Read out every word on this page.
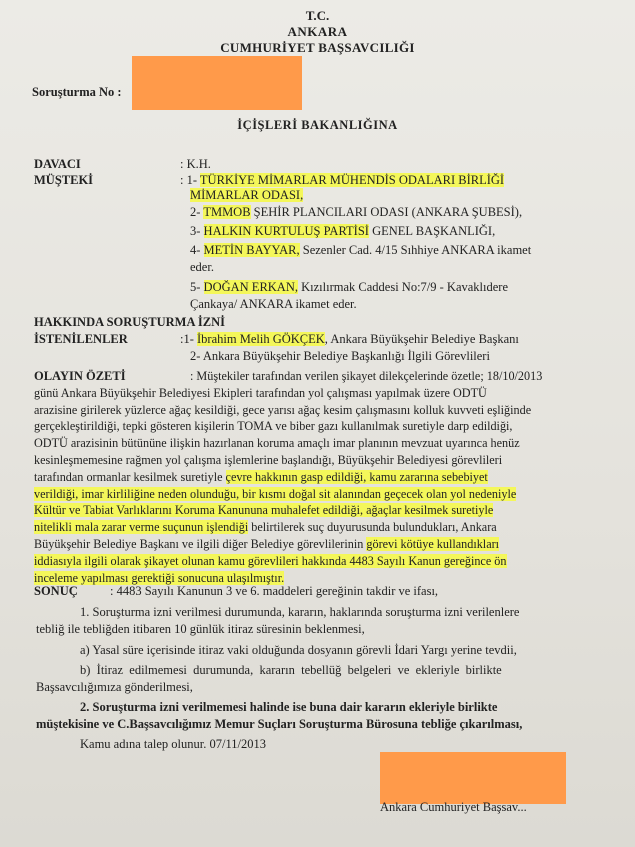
T.C.
ANKARA
CUMHURİYET BAŞSAVCILIĞI
Soruşturma No :
İÇİŞLERİ BAKANLIĞINA
DAVACI	: K.H.
MÜŞTEKİ	: 1- TÜRKİYE MİMARLAR MÜHENDİS ODALARI BİRLİĞİ
MİMARLAR ODASI,
2- TMMOB ŞEHİR PLANCILARI ODASI (ANKARA ŞUBESİ),
3- HALKIN KURTULUŞ PARTİSİ GENEL BAŞKANLIĞI,
4- METİN BAYYAR, Sezenler Cad. 4/15 Sıhhiye ANKARA ikamet
eder.
5- DOĞAN ERKAN, Kızılırmak Caddesi No:7/9 - Kavaklıdere
Çankaya/ ANKARA ikamet eder.
HAKKINDA SORUŞTURMA İZNİ
İSTENİLENLER	:1- İbrahim Melih GÖKÇEK, Ankara Büyükşehir Belediye Başkanı
2- Ankara Büyükşehir Belediye Başkanlığı İlgili Görevlileri
OLAYIN ÖZETİ	: Müştekiler tarafından verilen şikayet dilekçelerinde özetle; 18/10/2013
günü Ankara Büyükşehir Belediyesi Ekipleri tarafından yol çalışması yapılmak üzere ODTÜ
arazisine girilerek yüzlerce ağaç kesildiği, gece yarısı ağaç kesim çalışmasını kolluk kuvveti eşliğinde
gerçekleştirildiği, tepki gösteren kişilerin TOMA ve biber gazı kullanılmak suretiyle darp edildiği,
ODTÜ arazisinin bütününe ilişkin hazırlanan koruma amaçlı imar planının mevzuat uyarınca henüz
kesinleşmemesine rağmen yol çalışma işlemlerine başlandığı, Büyükşehir Belediyesi görevlileri
tarafından ormanlar kesilmek suretiyle çevre hakkının gasp edildiği, kamu zararına sebebiyet
verildiği, imar kirliliğine neden olunduğu, bir kısmı doğal sit alanından geçecek olan yol nedeniyle
Kültür ve Tabiat Varlıklarını Koruma Kanununa muhalefet edildiği, ağaçlar kesilmek suretiyle
nitelikli mala zarar verme suçunun işlendiği belirtilerek suç duyurusunda bulundukları, Ankara
Büyükşehir Belediye Başkanı ve ilgili diğer Belediye görevlilerinin görevi kötüye kullandıkları
iddiasıyla ilgili olarak şikayet olunan kamu görevlileri hakkında 4483 Sayılı Kanun gereğince ön
inceleme yapılması gerektiği sonucuna ulaşılmıştır.
SONUÇ	: 4483 Sayılı Kanunun 3 ve 6. maddeleri gereğinin takdir ve ifası,
1. Soruşturma izni verilmesi durumunda, kararın, haklarında soruşturma izni verilenlere
tebliğ ile tebliğden itibaren 10 günlük itiraz süresinin beklenmesi,
a) Yasal süre içerisinde itiraz vaki olduğunda dosyanın görevli İdari Yargı yerine tevdii,
b)  İtiraz  edilmemesi  durumunda,  kararın  tebellüğ  belgeleri  ve  ekleriyle  birlikte
Başsavcılığımıza gönderilmesi,
2. Soruşturma izni verilmemesi halinde ise buna dair kararın ekleriyle birlikte
müştekisine ve C.Başsavcılığımız Memur Suçları Soruşturma Bürosuna tebliğe çıkarılması,
Kamu adına talep olunur. 07/11/2013
Ankara Cumhuriyet Başsav...
